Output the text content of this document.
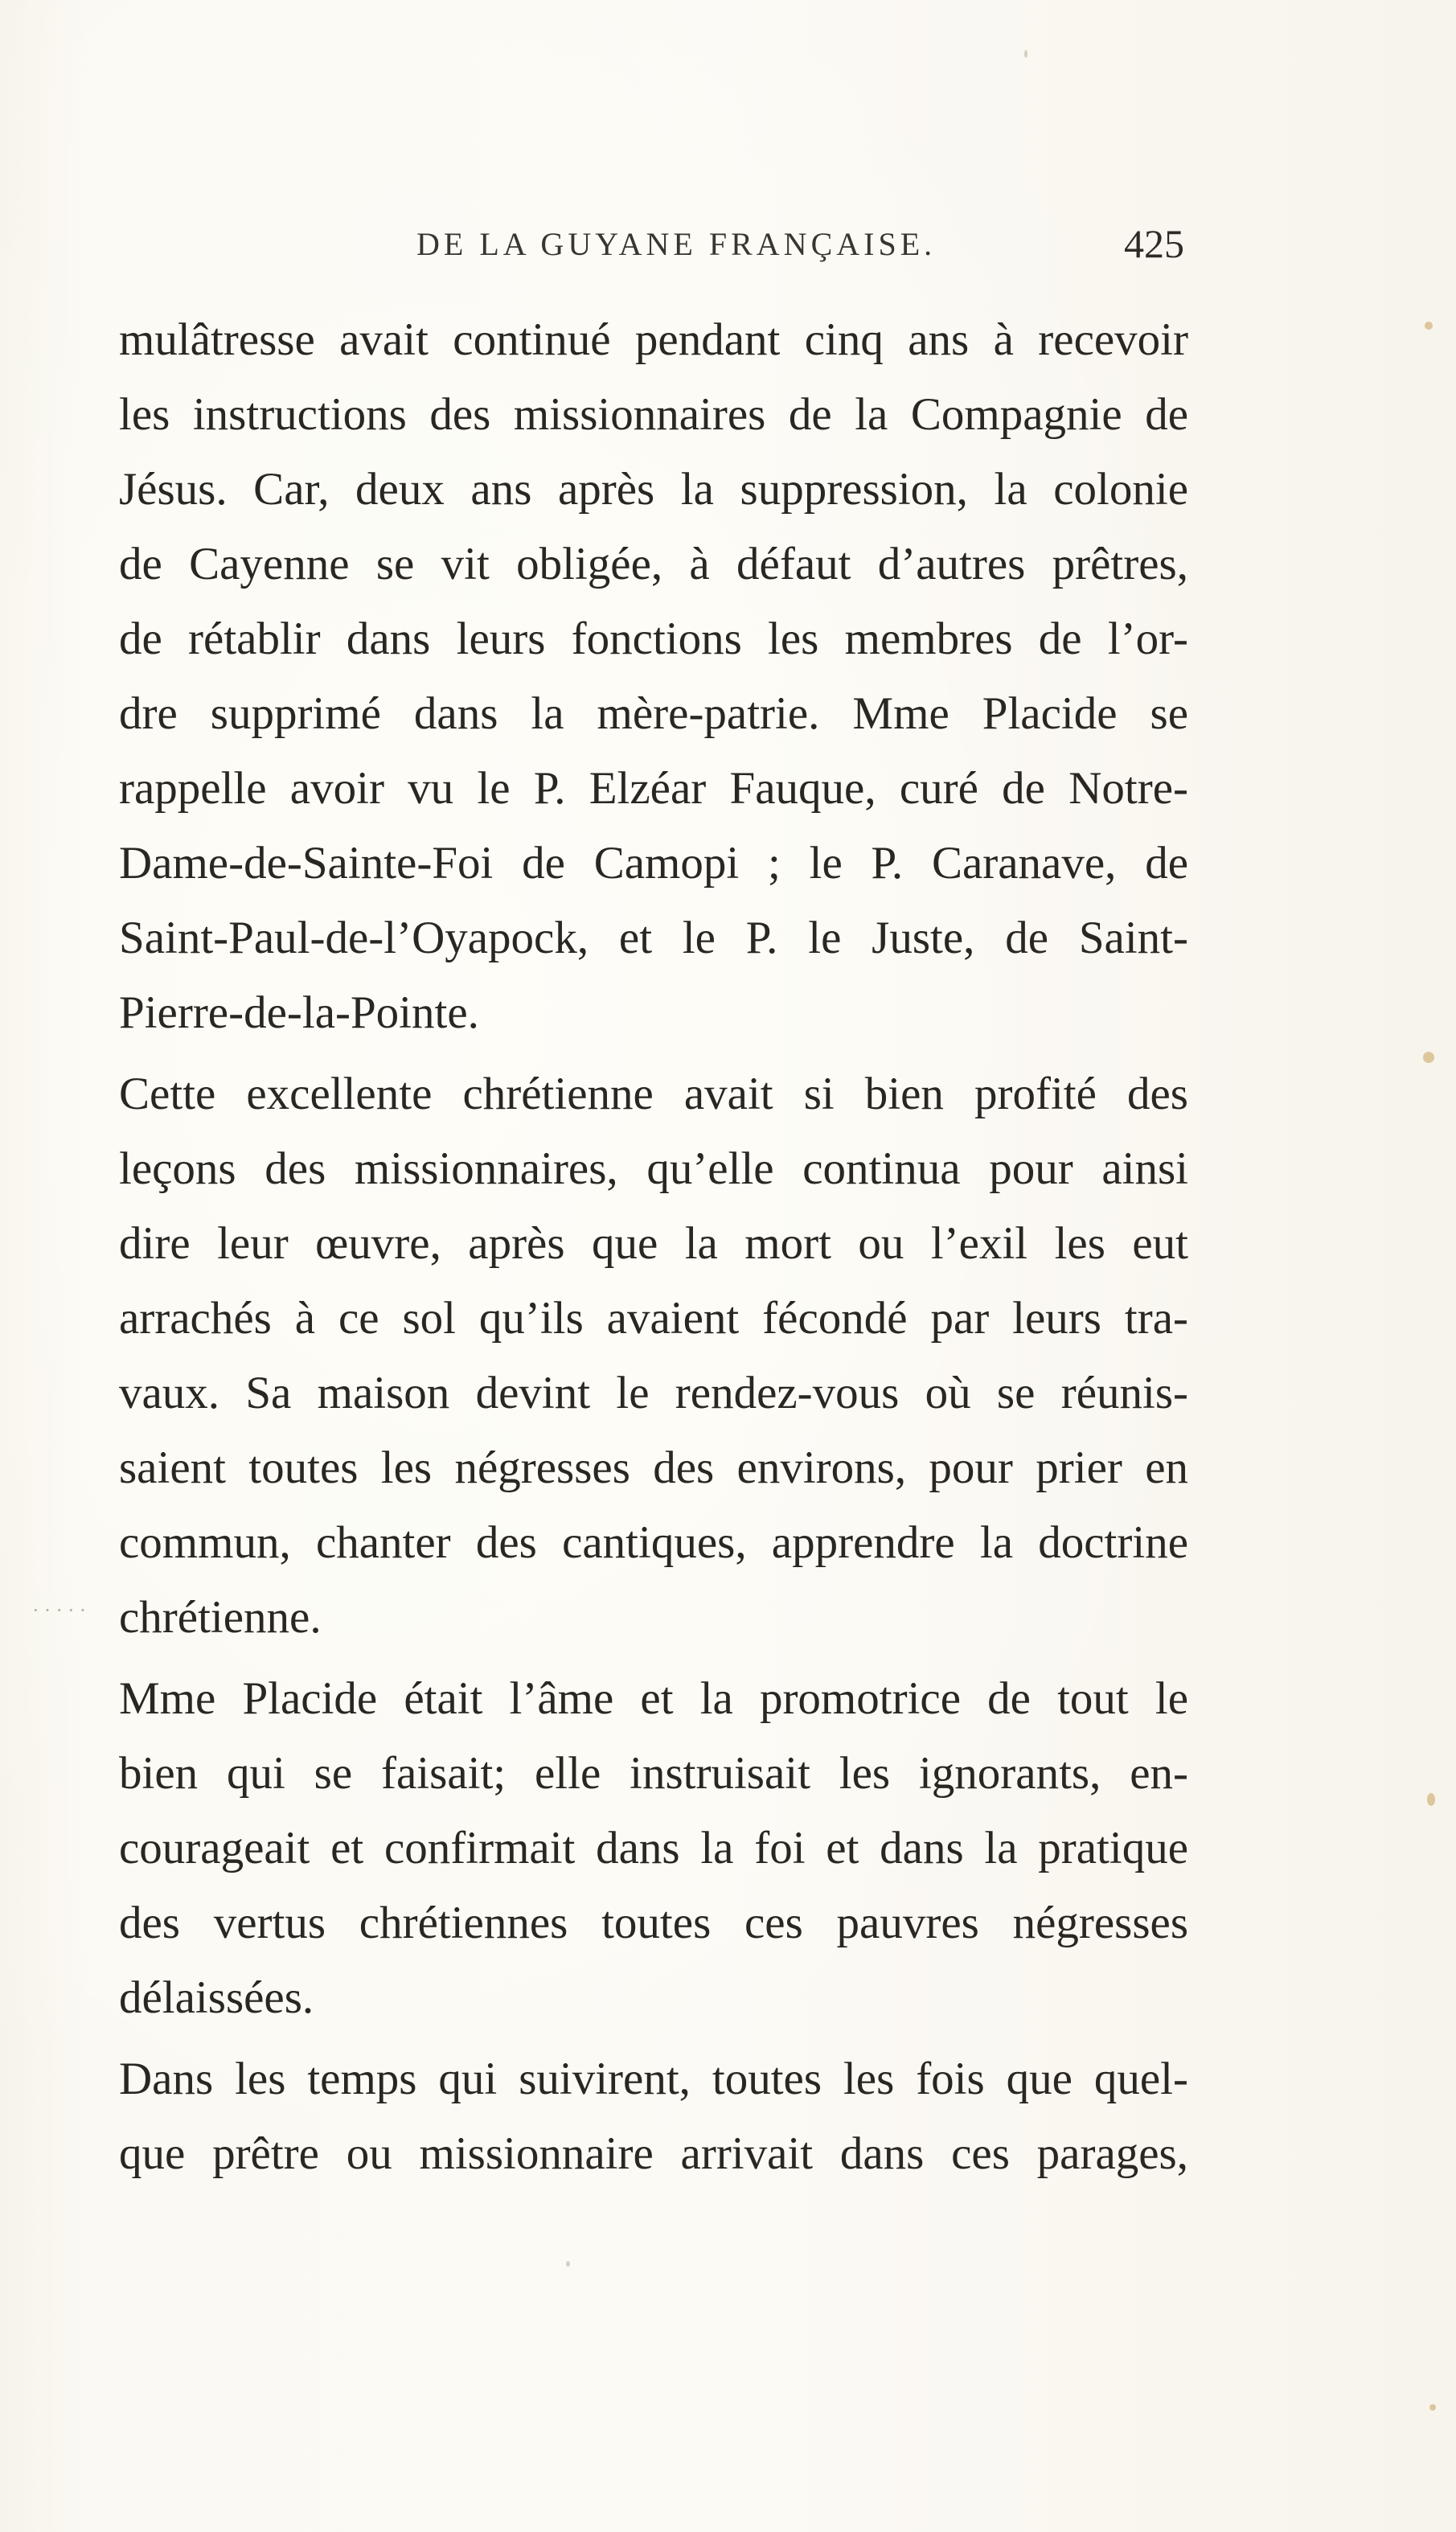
DE LA GUYANE FRANÇAISE.	425
mulâtresse avait continué pendant cinq ans à recevoir
les instructions des missionnaires de la Compagnie de
Jésus. Car, deux ans après la suppression, la colonie
de Cayenne se vit obligée, à défaut d’autres prêtres,
de rétablir dans leurs fonctions les membres de l’or-
dre supprimé dans la mère-patrie. Mme Placide se
rappelle avoir vu le P. Elzéar Fauque, curé de Notre-
Dame-de-Sainte-Foi de Camopi ; le P. Caranave, de
Saint-Paul-de-l’Oyapock, et le P. le Juste, de Saint-
Pierre-de-la-Pointe.
Cette excellente chrétienne avait si bien profité des
leçons des missionnaires, qu’elle continua pour ainsi
dire leur œuvre, après que la mort ou l’exil les eut
arrachés à ce sol qu’ils avaient fécondé par leurs tra-
vaux. Sa maison devint le rendez-vous où se réunis-
saient toutes les négresses des environs, pour prier en
commun, chanter des cantiques, apprendre la doctrine
chrétienne.
Mme Placide était l’âme et la promotrice de tout le
bien qui se faisait; elle instruisait les ignorants, en-
courageait et confirmait dans la foi et dans la pratique
des vertus chrétiennes toutes ces pauvres négresses
délaissées.
Dans les temps qui suivirent, toutes les fois que quel-
que prêtre ou missionnaire arrivait dans ces parages,
·····
